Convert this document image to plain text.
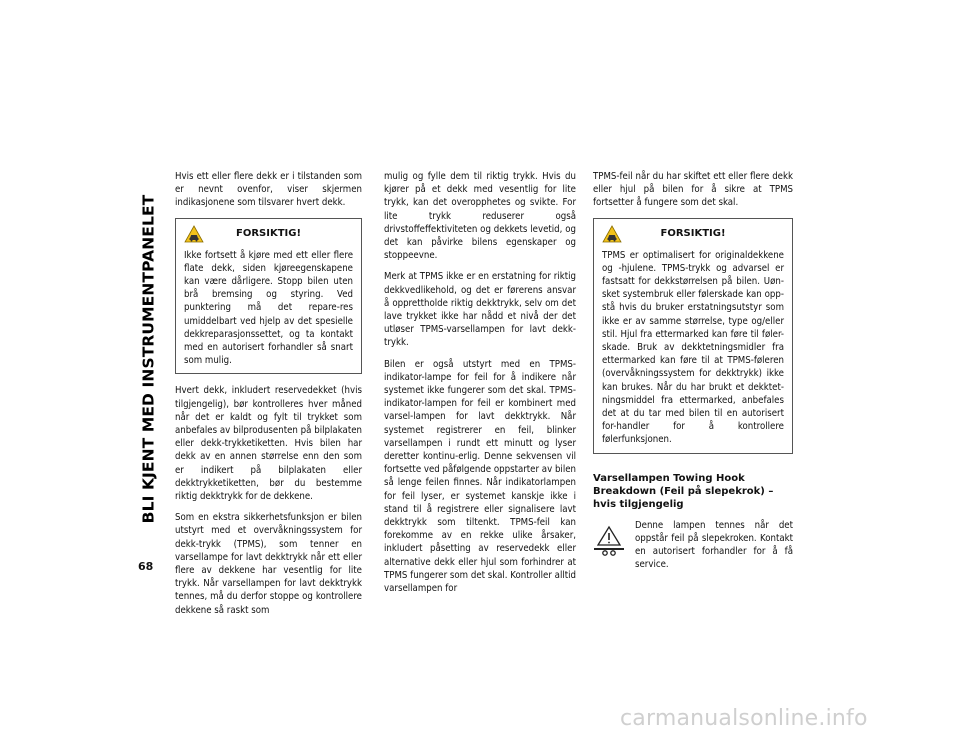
BLI KJENT MED INSTRUMENTPANELET
68

Hvis ett eller flere dekk er i tilstanden som er nevnt ovenfor, viser skjermen indikasjonene som tilsvarer hvert dekk.

FORSIKTIG!

Ikke fortsett å kjøre med ett eller flere flate dekk, siden kjøreegenskapene kan være dårligere. Stopp bilen uten brå bremsing og styring. Ved punktering må det repare-res umiddelbart ved hjelp av det spesielle dekkreparasjonssettet, og ta kontakt med en autorisert forhandler så snart som mulig.

Hvert dekk, inkludert reservedekket (hvis tilgjengelig), bør kontrolleres hver måned når det er kaldt og fylt til trykket som anbefales av bilprodusenten på bilplakaten eller dekk-trykketiketten. Hvis bilen har dekk av en annen størrelse enn den som er indikert på bilplakaten eller dekktrykketiketten, bør du bestemme riktig dekktrykk for de dekkene.

Som en ekstra sikkerhetsfunksjon er bilen utstyrt med et overvåkningssystem for dekk-trykk (TPMS), som tenner en varsellampe for lavt dekktrykk når ett eller flere av dekkene har vesentlig for lite trykk. Når varsellampen for lavt dekktrykk tennes, må du derfor stoppe og kontrollere dekkene så raskt som

mulig og fylle dem til riktig trykk. Hvis du kjører på et dekk med vesentlig for lite trykk, kan det overopphetes og svikte. For lite trykk reduserer også drivstoffeffektiviteten og dekkets levetid, og det kan påvirke bilens egenskaper og stoppeevne.

Merk at TPMS ikke er en erstatning for riktig dekkvedlikehold, og det er førerens ansvar å opprettholde riktig dekktrykk, selv om det lave trykket ikke har nådd et nivå der det utløser TPMS-varsellampen for lavt dekk-trykk.

Bilen er også utstyrt med en TPMS-indikator-lampe for feil for å indikere når systemet ikke fungerer som det skal. TPMS-indikator-lampen for feil er kombinert med varsel-lampen for lavt dekktrykk. Når systemet registrerer en feil, blinker varsellampen i rundt ett minutt og lyser deretter kontinu-erlig. Denne sekvensen vil fortsette ved påfølgende oppstarter av bilen så lenge feilen finnes. Når indikatorlampen for feil lyser, er systemet kanskje ikke i stand til å registrere eller signalisere lavt dekktrykk som tiltenkt. TPMS-feil kan forekomme av en rekke ulike årsaker, inkludert påsetting av reservedekk eller alternative dekk eller hjul som forhindrer at TPMS fungerer som det skal. Kontroller alltid varsellampen for

TPMS-feil når du har skiftet ett eller flere dekk eller hjul på bilen for å sikre at TPMS fortsetter å fungere som det skal.

FORSIKTIG!

TPMS er optimalisert for originaldekkene og -hjulene. TPMS-trykk og advarsel er fastsatt for dekkstørrelsen på bilen. Uøn-sket systembruk eller følerskade kan opp-stå hvis du bruker erstatningsutstyr som ikke er av samme størrelse, type og/eller stil. Hjul fra ettermarked kan føre til føler-skade. Bruk av dekktetningsmidler fra ettermarked kan føre til at TPMS-føleren (overvåkningssystem for dekktrykk) ikke kan brukes. Når du har brukt et dekktet-ningsmiddel fra ettermarked, anbefales det at du tar med bilen til en autorisert for-handler for å kontrollere følerfunksjonen.

Varsellampen Towing Hook Breakdown (Feil på slepekrok) – hvis tilgjengelig

Denne lampen tennes når det oppstår feil på slepekroken. Kontakt en autorisert forhandler for å få service.

carmanualsonline.info
